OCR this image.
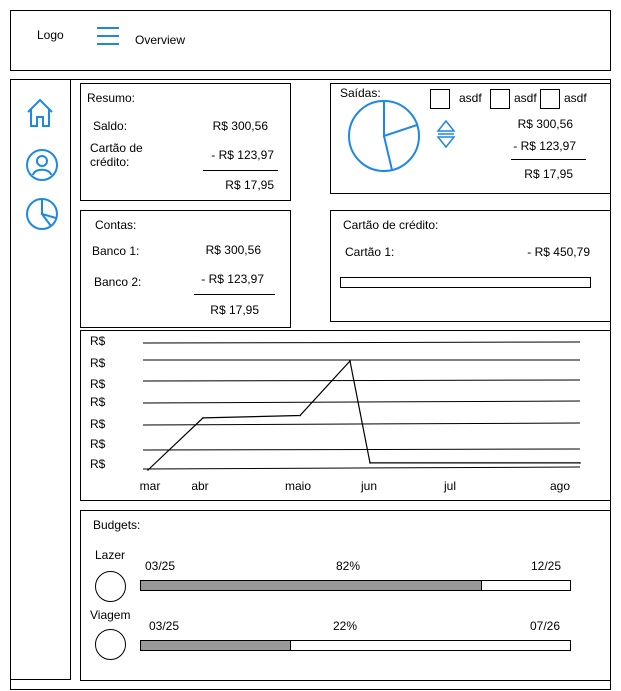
Logo	Overview
Resumo:
Saldo:	R$ 300,56
Cartão de
crédito:	- R$ 123,97
R$ 17,95
Saídas:	asdf	asdf asdf
R$ 300,56
- R$ 123,97
R$ 17,95
Contas:
Banco 1:	R$ 300,56
Banco 2:	- R$ 123,97
R$ 17,95
Cartão de crédito:
Cartão 1:	- R$ 450,79
R$
R$
R$
R$
R$
R$
R$
mar	abr	maio	jun	jul	ago
Budgets:
Lazer
03/25	82%	12/25
Viagem
03/25	22%	07/26
